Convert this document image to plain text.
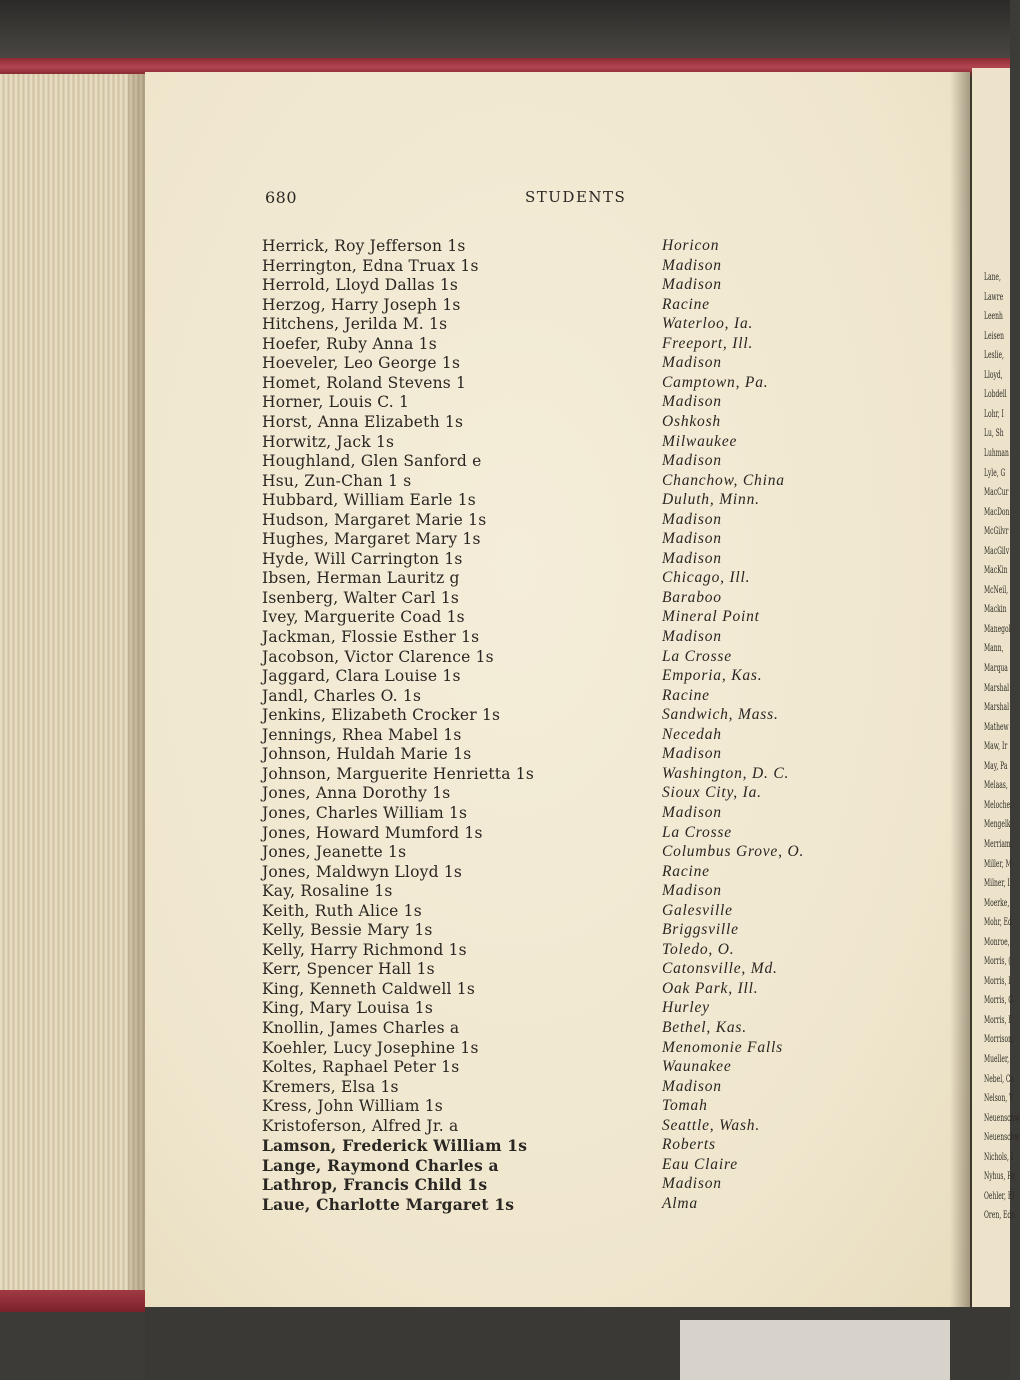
Lane,
Lawre
Leenh
Leisen
Leslie,
Lloyd,
Lobdell
Lohr, I
Lu, Sh
Luhman
Lyle, G
MacCur
MacDon
McGilvr
MacGilv
MacKin
McNeil,
Mackin
Manegol
Mann,
Marqua
Marshal
Marshal
Mathew
Maw, Ir
May, Pa
Melaas,
Meloche,
Mengelk
Merriam,
Miller, M
Milner, I
Moerke,
Mohr, Ed
Monroe,
Morris, (
Morris, I
Morris, G
Morris, F
Morrison,
Mueller,
Nebel, Ca
Nelson, V
Neuenschw
Neuenschw
Nichols, I
Nyhus, Pa
Oehler, El
Oren, Edn
680	STUDENTS
Herrick, Roy Jefferson 1s	Horicon
Herrington, Edna Truax 1s	Madison
Herrold, Lloyd Dallas 1s	Madison
Herzog, Harry Joseph 1s	Racine
Hitchens, Jerilda M. 1s	Waterloo, Ia.
Hoefer, Ruby Anna 1s	Freeport, Ill.
Hoeveler, Leo George 1s	Madison
Homet, Roland Stevens 1	Camptown, Pa.
Horner, Louis C. 1	Madison
Horst, Anna Elizabeth 1s	Oshkosh
Horwitz, Jack 1s	Milwaukee
Houghland, Glen Sanford e	Madison
Hsu, Zun-Chan 1 s	Chanchow, China
Hubbard, William Earle 1s	Duluth, Minn.
Hudson, Margaret Marie 1s	Madison
Hughes, Margaret Mary 1s	Madison
Hyde, Will Carrington 1s	Madison
Ibsen, Herman Lauritz g	Chicago, Ill.
Isenberg, Walter Carl 1s	Baraboo
Ivey, Marguerite Coad 1s	Mineral Point
Jackman, Flossie Esther 1s	Madison
Jacobson, Victor Clarence 1s	La Crosse
Jaggard, Clara Louise 1s	Emporia, Kas.
Jandl, Charles O. 1s	Racine
Jenkins, Elizabeth Crocker 1s	Sandwich, Mass.
Jennings, Rhea Mabel 1s	Necedah
Johnson, Huldah Marie 1s	Madison
Johnson, Marguerite Henrietta 1s	Washington, D. C.
Jones, Anna Dorothy 1s	Sioux City, Ia.
Jones, Charles William 1s	Madison
Jones, Howard Mumford 1s	La Crosse
Jones, Jeanette 1s	Columbus Grove, O.
Jones, Maldwyn Lloyd 1s	Racine
Kay, Rosaline 1s	Madison
Keith, Ruth Alice 1s	Galesville
Kelly, Bessie Mary 1s	Briggsville
Kelly, Harry Richmond 1s	Toledo, O.
Kerr, Spencer Hall 1s	Catonsville, Md.
King, Kenneth Caldwell 1s	Oak Park, Ill.
King, Mary Louisa 1s	Hurley
Knollin, James Charles a	Bethel, Kas.
Koehler, Lucy Josephine 1s	Menomonie Falls
Koltes, Raphael Peter 1s	Waunakee
Kremers, Elsa 1s	Madison
Kress, John William 1s	Tomah
Kristoferson, Alfred Jr. a	Seattle, Wash.
Lamson, Frederick William 1s	Roberts
Lange, Raymond Charles a	Eau Claire
Lathrop, Francis Child 1s	Madison
Laue, Charlotte Margaret 1s	Alma
